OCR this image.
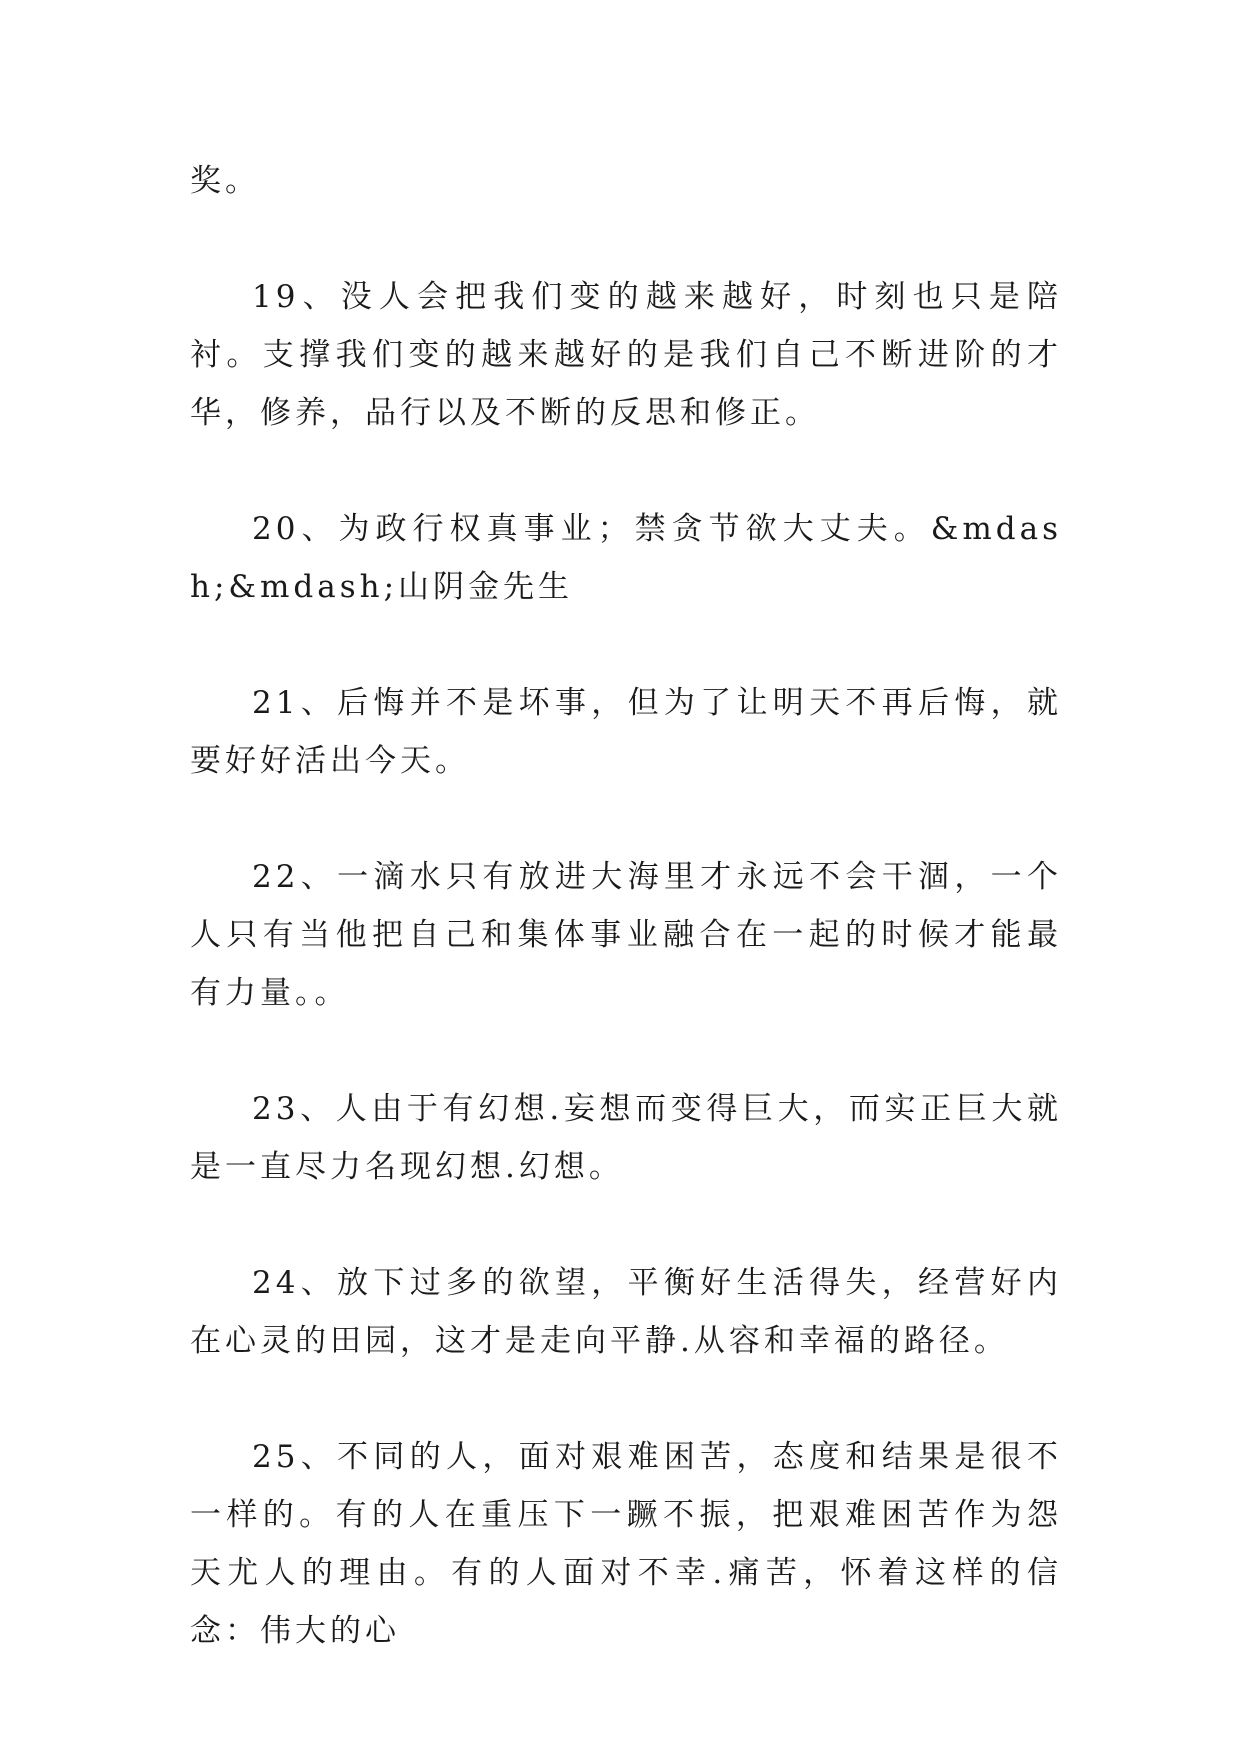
奖。

19、没人会把我们变的越来越好，时刻也只是陪衬。支撑我们变的越来越好的是我们自己不断进阶的才华，修养，品行以及不断的反思和修正。

20、为政行权真事业；禁贪节欲大丈夫。&mdash;&mdash;山阴金先生

21、后悔并不是坏事，但为了让明天不再后悔，就要好好活出今天。

22、一滴水只有放进大海里才永远不会干涸，一个人只有当他把自己和集体事业融合在一起的时候才能最有力量。。

23、人由于有幻想.妄想而变得巨大，而实正巨大就是一直尽力名现幻想.幻想。

24、放下过多的欲望，平衡好生活得失，经营好内在心灵的田园，这才是走向平静.从容和幸福的路径。

25、不同的人，面对艰难困苦，态度和结果是很不一样的。有的人在重压下一蹶不振，把艰难困苦作为怨天尤人的理由。有的人面对不幸.痛苦，怀着这样的信念：伟大的心
